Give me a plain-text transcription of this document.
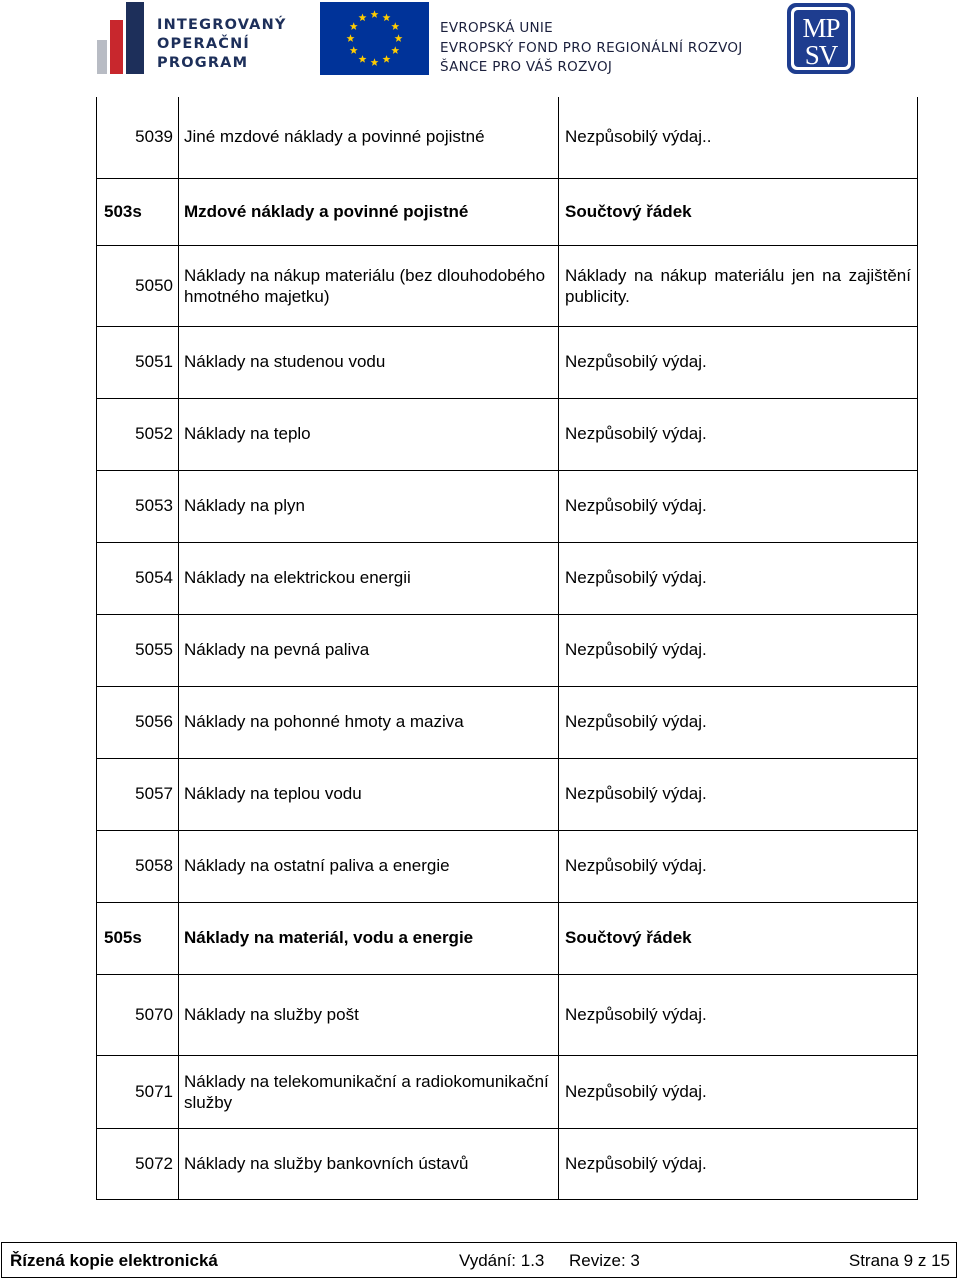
INTEGROVANÝ
OPERAČNÍ
PROGRAM
EVROPSKÁ UNIE
EVROPSKÝ FOND PRO REGIONÁLNÍ ROZVOJ
ŠANCE PRO VÁŠ ROZVOJ
MP
SV
5039	Jiné mzdové náklady a povinné pojistné	Nezpůsobilý výdaj..
503s	Mzdové náklady a povinné pojistné	Součtový řádek
5050	Náklady na nákup materiálu (bez dlouhodobého hmotného majetku)	Náklady na nákup materiálu jen na zajištění publicity.
5051	Náklady na studenou vodu	Nezpůsobilý výdaj.
5052	Náklady na teplo	Nezpůsobilý výdaj.
5053	Náklady na plyn	Nezpůsobilý výdaj.
5054	Náklady na elektrickou energii	Nezpůsobilý výdaj.
5055	Náklady na pevná paliva	Nezpůsobilý výdaj.
5056	Náklady na pohonné hmoty a maziva	Nezpůsobilý výdaj.
5057	Náklady na teplou vodu	Nezpůsobilý výdaj.
5058	Náklady na ostatní paliva a energie	Nezpůsobilý výdaj.
505s	Náklady na materiál, vodu a energie	Součtový řádek
5070	Náklady na služby pošt	Nezpůsobilý výdaj.
5071	Náklady na telekomunikační a radiokomunikační služby	Nezpůsobilý výdaj.
5072	Náklady na služby bankovních ústavů	Nezpůsobilý výdaj.
Řízená kopie elektronická	Vydání: 1.3 Revize: 3	Strana 9 z 15
